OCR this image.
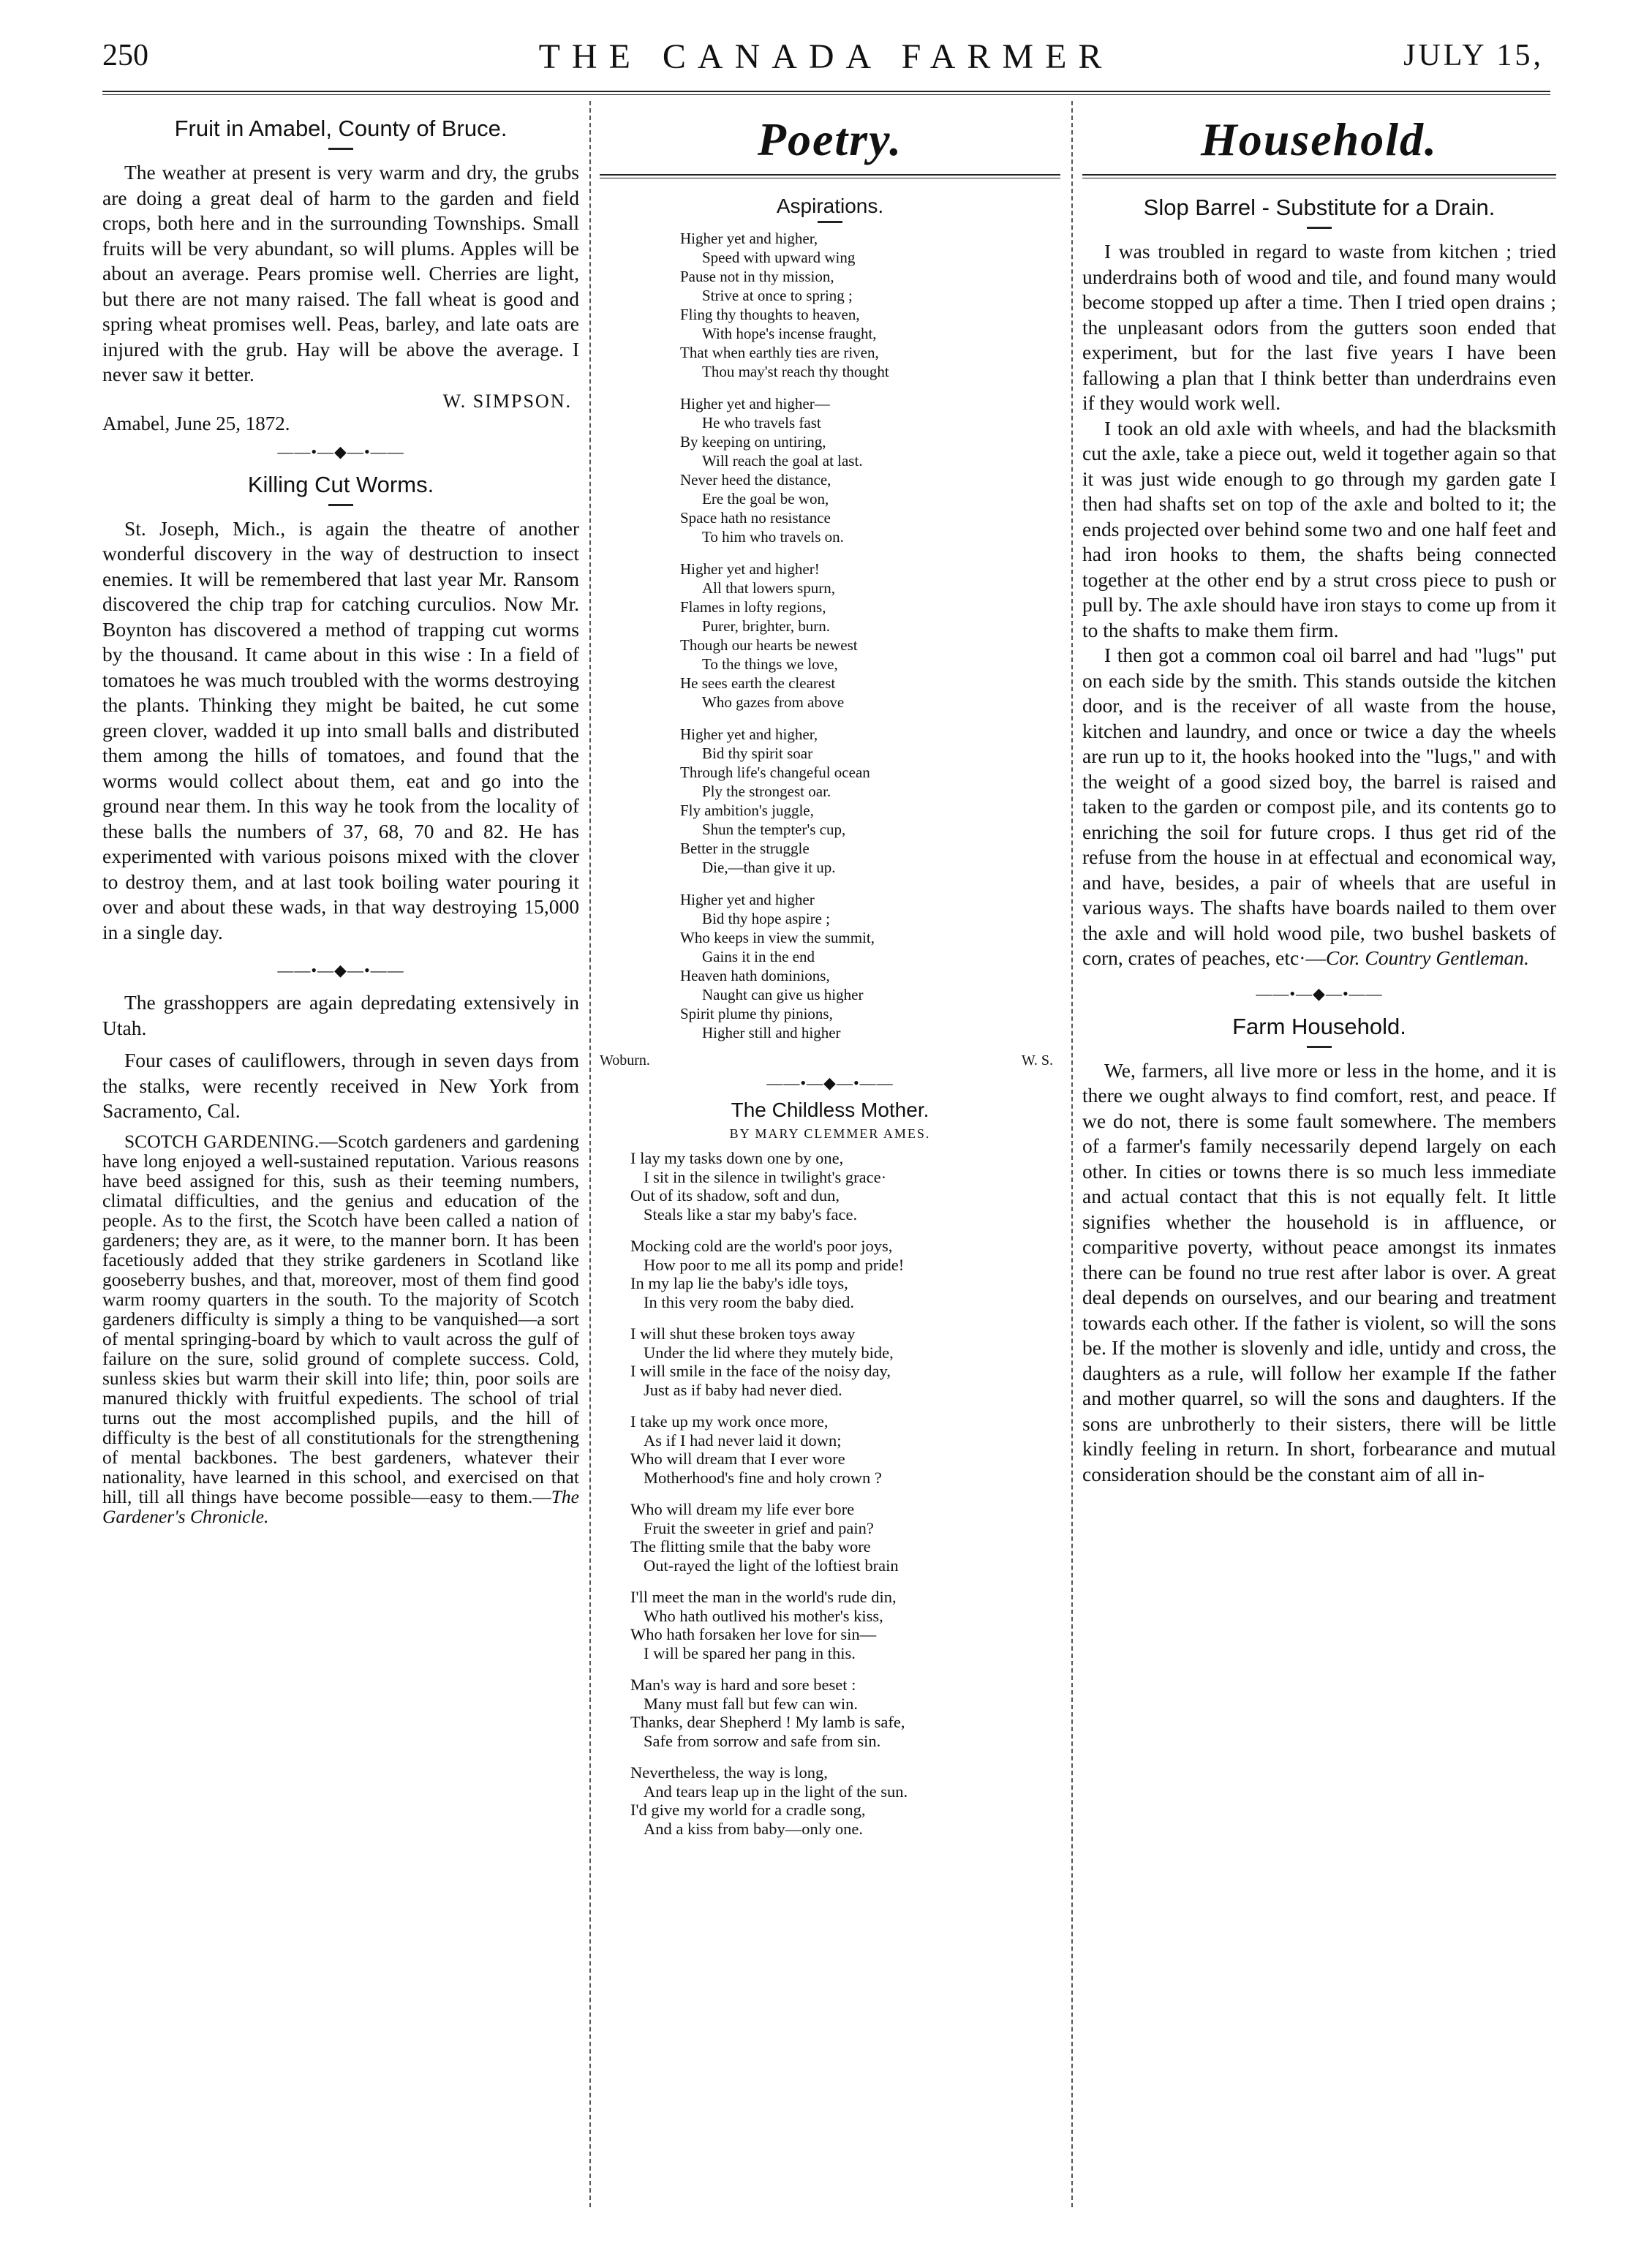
250	THE CANADA FARMER	JULY 15,
Fruit in Amabel, County of Bruce.

The weather at present is very warm and dry, the grubs are doing a great deal of harm to the garden and field crops, both here and in the surrounding Townships. Small fruits will be very abundant, so will plums. Apples will be about an average. Pears promise well. Cherries are light, but there are not many raised. The fall wheat is good and spring wheat promises well. Peas, barley, and late oats are injured with the grub. Hay will be above the average. I never saw it better.

W. SIMPSON.
Amabel, June 25, 1872.
——•—◆—•——
Killing Cut Worms.

St. Joseph, Mich., is again the theatre of another wonderful discovery in the way of destruction to insect enemies. It will be remembered that last year Mr. Ransom discovered the chip trap for catching curculios. Now Mr. Boynton has discovered a method of trapping cut worms by the thousand. It came about in this wise : In a field of tomatoes he was much troubled with the worms destroying the plants. Thinking they might be baited, he cut some green clover, wadded it up into small balls and distributed them among the hills of tomatoes, and found that the worms would collect about them, eat and go into the ground near them. In this way he took from the locality of these balls the numbers of 37, 68, 70 and 82. He has experimented with various poisons mixed with the clover to destroy them, and at last took boiling water pouring it over and about these wads, in that way destroying 15,000 in a single day.

——•—◆—•——

The grasshoppers are again depredating extensively in Utah.

Four cases of cauliflowers, through in seven days from the stalks, were recently received in New York from Sacramento, Cal.

SCOTCH GARDENING.—Scotch gardeners and gardening have long enjoyed a well-sustained reputation. Various reasons have beed assigned for this, sush as their teeming numbers, climatal difficulties, and the genius and education of the people. As to the first, the Scotch have been called a nation of gardeners; they are, as it were, to the manner born. It has been facetiously added that they strike gardeners in Scotland like gooseberry bushes, and that, moreover, most of them find good warm roomy quarters in the south. To the majority of Scotch gardeners difficulty is simply a thing to be vanquished—a sort of mental springing-board by which to vault across the gulf of failure on the sure, solid ground of complete success. Cold, sunless skies but warm their skill into life; thin, poor soils are manured thickly with fruitful expedients. The school of trial turns out the most accomplished pupils, and the hill of difficulty is the best of all constitutionals for the strengthening of mental backbones. The best gardeners, whatever their nationality, have learned in this school, and exercised on that hill, till all things have become possible—easy to them.—The Gardener's Chronicle.

Poetry.
Aspirations.
Higher yet and higher,
Speed with upward wing
Pause not in thy mission,
Strive at once to spring ;
Fling thy thoughts to heaven,
With hope's incense fraught,
That when earthly ties are riven,
Thou may'st reach thy thought
Higher yet and higher—
He who travels fast
By keeping on untiring,
Will reach the goal at last.
Never heed the distance,
Ere the goal be won,
Space hath no resistance
To him who travels on.
Higher yet and higher!
All that lowers spurn,
Flames in lofty regions,
Purer, brighter, burn.
Though our hearts be newest
To the things we love,
He sees earth the clearest
Who gazes from above
Higher yet and higher,
Bid thy spirit soar
Through life's changeful ocean
Ply the strongest oar.
Fly ambition's juggle,
Shun the tempter's cup,
Better in the struggle
Die,—than give it up.
Higher yet and higher
Bid thy hope aspire ;
Who keeps in view the summit,
Gains it in the end
Heaven hath dominions,
Naught can give us higher
Spirit plume thy pinions,
Higher still and higher
Woburn.	W. S.
——•—◆—•——
The Childless Mother.
BY MARY CLEMMER AMES.
I lay my tasks down one by one,
I sit in the silence in twilight's grace·
Out of its shadow, soft and dun,
Steals like a star my baby's face.
Mocking cold are the world's poor joys,
How poor to me all its pomp and pride!
In my lap lie the baby's idle toys,
In this very room the baby died.
I will shut these broken toys away
Under the lid where they mutely bide,
I will smile in the face of the noisy day,
Just as if baby had never died.
I take up my work once more,
As if I had never laid it down;
Who will dream that I ever wore
Motherhood's fine and holy crown ?
Who will dream my life ever bore
Fruit the sweeter in grief and pain?
The flitting smile that the baby wore
Out-rayed the light of the loftiest brain
I'll meet the man in the world's rude din,
Who hath outlived his mother's kiss,
Who hath forsaken her love for sin—
I will be spared her pang in this.
Man's way is hard and sore beset :
Many must fall but few can win.
Thanks, dear Shepherd ! My lamb is safe,
Safe from sorrow and safe from sin.
Nevertheless, the way is long,
And tears leap up in the light of the sun.
I'd give my world for a cradle song,
And a kiss from baby—only one.
Household.
Slop Barrel - Substitute for a Drain.

I was troubled in regard to waste from kitchen ; tried underdrains both of wood and tile, and found many would become stopped up after a time. Then I tried open drains ; the unpleasant odors from the gutters soon ended that experiment, but for the last five years I have been fallowing a plan that I think better than underdrains even if they would work well.

I took an old axle with wheels, and had the blacksmith cut the axle, take a piece out, weld it together again so that it was just wide enough to go through my garden gate I then had shafts set on top of the axle and bolted to it; the ends projected over behind some two and one half feet and had iron hooks to them, the shafts being connected together at the other end by a strut cross piece to push or pull by. The axle should have iron stays to come up from it to the shafts to make them firm.

I then got a common coal oil barrel and had "lugs" put on each side by the smith. This stands outside the kitchen door, and is the receiver of all waste from the house, kitchen and laundry, and once or twice a day the wheels are run up to it, the hooks hooked into the "lugs," and with the weight of a good sized boy, the barrel is raised and taken to the garden or compost pile, and its contents go to enriching the soil for future crops. I thus get rid of the refuse from the house in at effectual and economical way, and have, besides, a pair of wheels that are useful in various ways. The shafts have boards nailed to them over the axle and will hold wood pile, two bushel baskets of corn, crates of peaches, etc·—Cor. Country Gentleman.

——•—◆—•——
Farm Household.

We, farmers, all live more or less in the home, and it is there we ought always to find comfort, rest, and peace. If we do not, there is some fault somewhere. The members of a farmer's family necessarily depend largely on each other. In cities or towns there is so much less immediate and actual contact that this is not equally felt. It little signifies whether the household is in affluence, or comparitive poverty, without peace amongst its inmates there can be found no true rest after labor is over. A great deal depends on ourselves, and our bearing and treatment towards each other. If the father is violent, so will the sons be. If the mother is slovenly and idle, untidy and cross, the daughters as a rule, will follow her example If the father and mother quarrel, so will the sons and daughters. If the sons are unbrotherly to their sisters, there will be little kindly feeling in return. In short, forbearance and mutual consideration should be the constant aim of all in-
